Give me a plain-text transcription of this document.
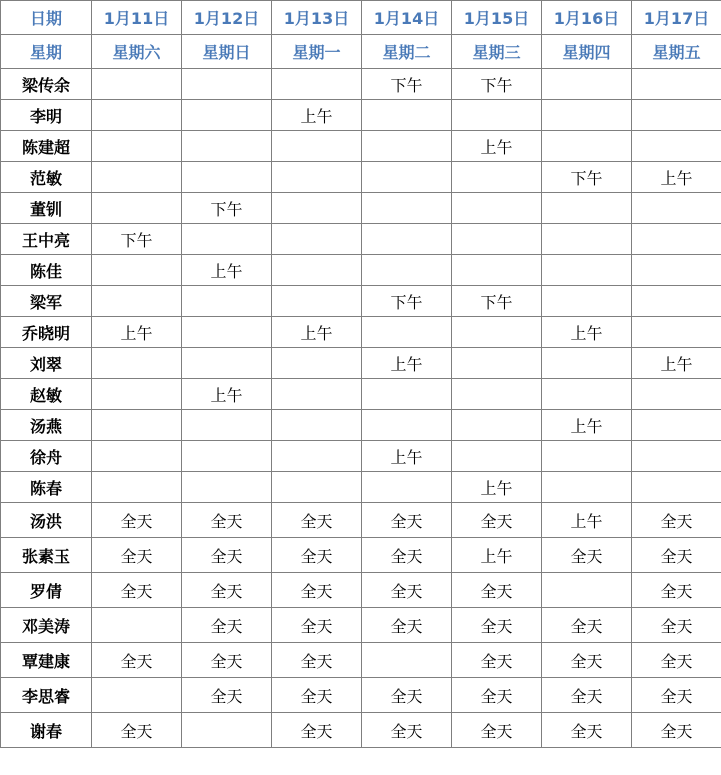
日期	1月11日	1月12日	1月13日	1月14日	1月15日	1月16日	1月17日
星期	星期六	星期日	星期一	星期二	星期三	星期四	星期五
梁传余				下午	下午		
李明			上午				
陈建超					上午		
范敏						下午	上午
董钏		下午					
王中亮	下午						
陈佳		上午					
梁军				下午	下午		
乔晓明	上午		上午			上午	
刘翠				上午			上午
赵敏		上午					
汤燕						上午	
徐舟				上午			
陈春					上午		
汤洪	全天	全天	全天	全天	全天	上午	全天
张素玉	全天	全天	全天	全天	上午	全天	全天
罗倩	全天	全天	全天	全天	全天		全天
邓美涛		全天	全天	全天	全天	全天	全天
覃建康	全天	全天	全天		全天	全天	全天
李思睿		全天	全天	全天	全天	全天	全天
谢春	全天		全天	全天	全天	全天	全天
